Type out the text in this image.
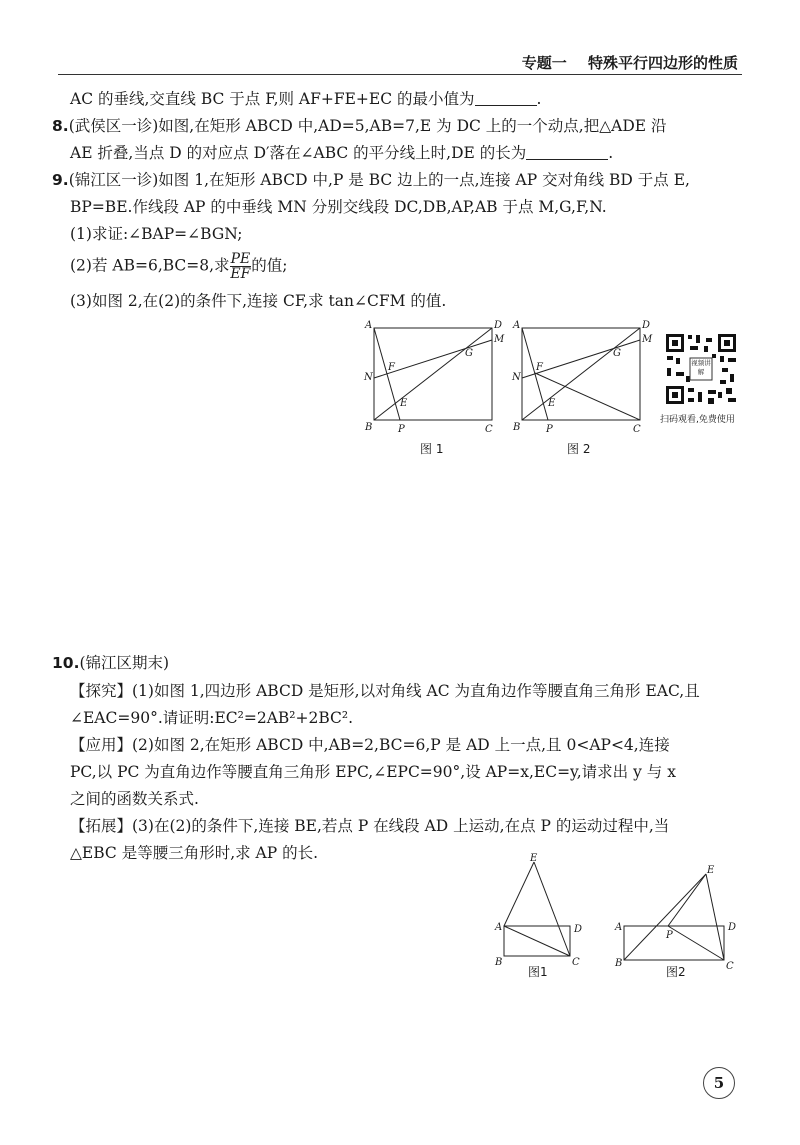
专题一 特殊平行四边形的性质
AC 的垂线,交直线 BC 于点 F,则 AF+FE+EC 的最小值为	.
8.(武侯区一诊)如图,在矩形 ABCD 中,AD=5,AB=7,E 为 DC 上的一个动点,把△ADE 沿
AE 折叠,当点 D 的对应点 D′落在∠ABC 的平分线上时,DE 的长为	.
9.(锦江区一诊)如图 1,在矩形 ABCD 中,P 是 BC 边上的一点,连接 AP 交对角线 BD 于点 E,
BP=BE.作线段 AP 的中垂线 MN 分别交线段 DC,DB,AP,AB 于点 M,G,F,N.
(1)求证:∠BAP=∠BGN;
(2)若 AB=6,BC=8,求 $\frac{PE}{EF}$ 的值;
(3)如图 2,在(2)的条件下,连接 CF,求 tan∠CFM 的值.
A	D
M
N
F
G
E
B	P	C
图 1
A	D
M
N
F
G
E
B	P	C
图 2
视频讲解
扫码观看,免费使用
10.(锦江区期末)
【探究】(1)如图 1,四边形 ABCD 是矩形,以对角线 AC 为直角边作等腰直角三角形 EAC,且
∠EAC=90°.请证明:EC²=2AB²+2BC².
【应用】(2)如图 2,在矩形 ABCD 中,AB=2,BC=6,P 是 AD 上一点,且 0<AP<4,连接
PC,以 PC 为直角边作等腰直角三角形 EPC,∠EPC=90°,设 AP=x,EC=y,请求出 y 与 x
之间的函数关系式.
【拓展】(3)在(2)的条件下,连接 BE,若点 P 在线段 AD 上运动,在点 P 的运动过程中,当
△EBC 是等腰三角形时,求 AP 的长.	E
A	D
B	C
图1
E
A
P
D
B	C
图2
5
